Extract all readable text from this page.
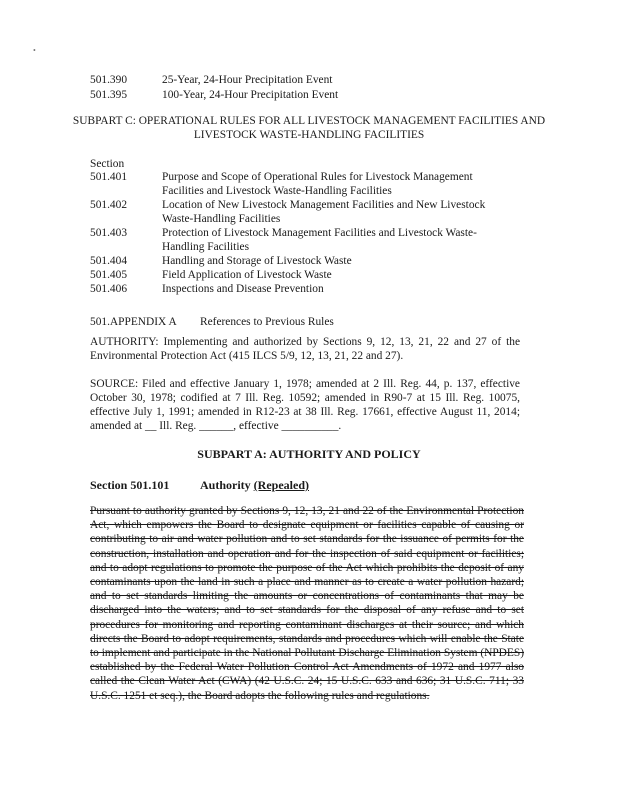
•
501.390	25-Year, 24-Hour Precipitation Event
501.395	100-Year, 24-Hour Precipitation Event
SUBPART C: OPERATIONAL RULES FOR ALL LIVESTOCK MANAGEMENT FACILITIES AND LIVESTOCK WASTE-HANDLING FACILITIES
Section
501.401	Purpose and Scope of Operational Rules for Livestock Management Facilities and Livestock Waste-Handling Facilities
501.402	Location of New Livestock Management Facilities and New Livestock Waste-Handling Facilities
501.403	Protection of Livestock Management Facilities and Livestock Waste-Handling Facilities
501.404	Handling and Storage of Livestock Waste
501.405	Field Application of Livestock Waste
501.406	Inspections and Disease Prevention
501.APPENDIX A	References to Previous Rules
AUTHORITY: Implementing and authorized by Sections 9, 12, 13, 21, 22 and 27 of the Environmental Protection Act (415 ILCS 5/9, 12, 13, 21, 22 and 27).
SOURCE: Filed and effective January 1, 1978; amended at 2 Ill. Reg. 44, p. 137, effective October 30, 1978; codified at 7 Ill. Reg. 10592; amended in R90-7 at 15 Ill. Reg. 10075, effective July 1, 1991; amended in R12-23 at 38 Ill. Reg. 17661, effective August 11, 2014; amended at __ Ill. Reg. ______, effective __________.
SUBPART A: AUTHORITY AND POLICY
Section 501.101	Authority
(Repealed)
Pursuant to authority granted by Sections 9, 12, 13, 21 and 22 of the Environmental Protection Act, which empowers the Board to designate equipment or facilities capable of causing or contributing to air and water pollution and to set standards for the issuance of permits for the construction, installation and operation and for the inspection of said equipment or facilities; and to adopt regulations to promote the purpose of the Act which prohibits the deposit of any contaminants upon the land in such a place and manner as to create a water pollution hazard; and to set standards limiting the amounts or concentrations of contaminants that may be discharged into the waters; and to set standards for the disposal of any refuse and to set procedures for monitoring and reporting contaminant discharges at their source; and which directs the Board to adopt requirements, standards and procedures which will enable the State to implement and participate in the National Pollutant Discharge Elimination System (NPDES) established by the Federal Water Pollution Control Act Amendments of 1972 and 1977 also called the Clean Water Act (CWA) (42 U.S.C. 24; 15 U.S.C. 633 and 636; 31 U.S.C. 711; 33 U.S.C. 1251 et seq.), the Board adopts the following rules and regulations.
